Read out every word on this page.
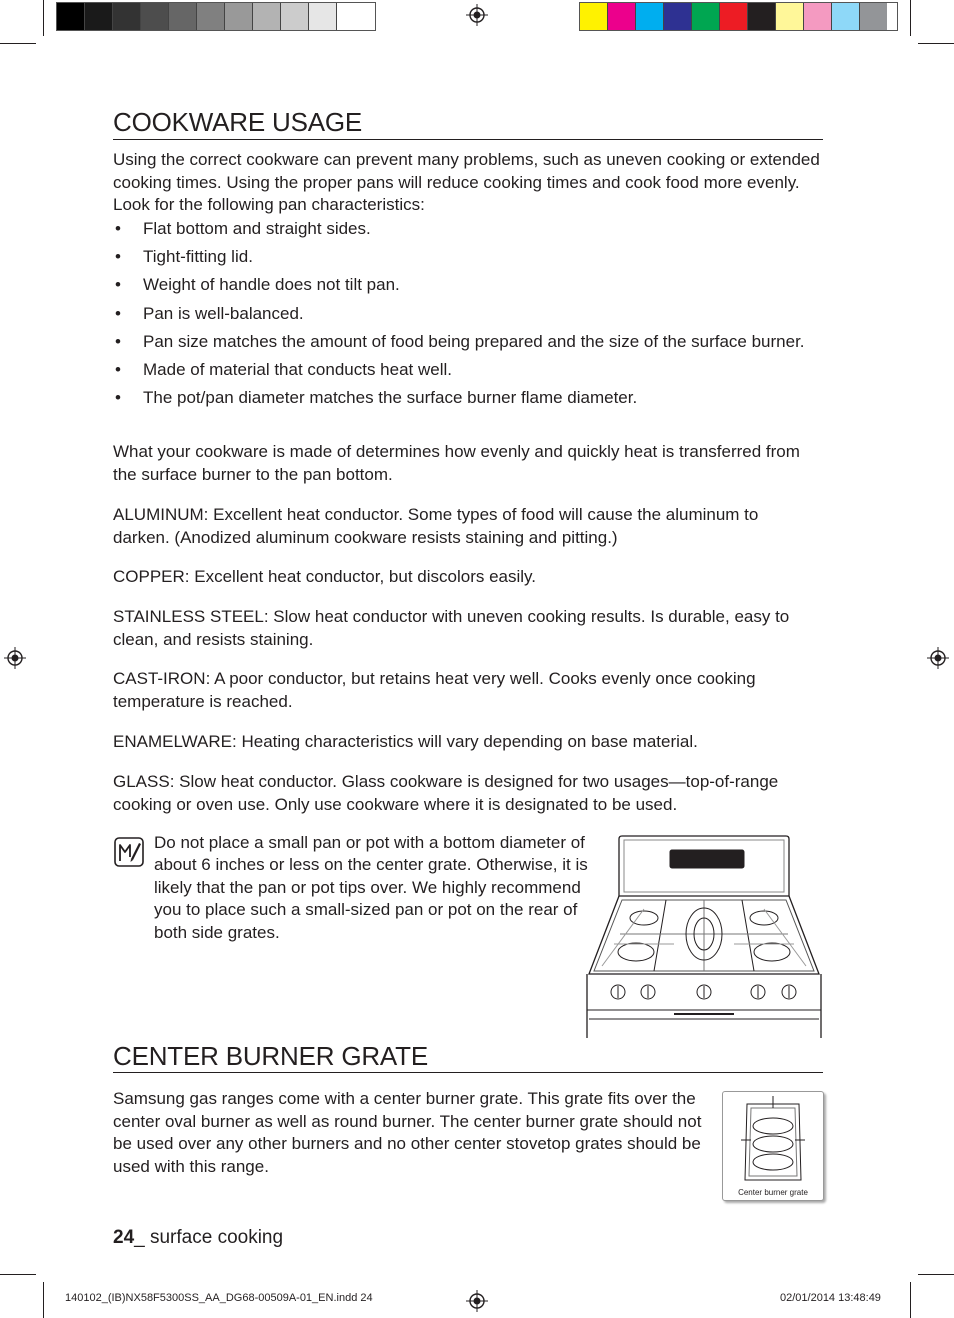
COOKWARE USAGE

Using the correct cookware can prevent many problems, such as uneven cooking or extended cooking times. Using the proper pans will reduce cooking times and cook food more evenly. Look for the following pan characteristics:

• Flat bottom and straight sides.
• Tight-fitting lid.
• Weight of handle does not tilt pan.
• Pan is well-balanced.
• Pan size matches the amount of food being prepared and the size of the surface burner.
• Made of material that conducts heat well.
• The pot/pan diameter matches the surface burner flame diameter.

What your cookware is made of determines how evenly and quickly heat is transferred from the surface burner to the pan bottom.

ALUMINUM: Excellent heat conductor. Some types of food will cause the aluminum to darken. (Anodized aluminum cookware resists staining and pitting.)

COPPER: Excellent heat conductor, but discolors easily.

STAINLESS STEEL: Slow heat conductor with uneven cooking results. Is durable, easy to clean, and resists staining.

CAST-IRON: A poor conductor, but retains heat very well. Cooks evenly once cooking temperature is reached.

ENAMELWARE: Heating characteristics will vary depending on base material.

GLASS: Slow heat conductor. Glass cookware is designed for two usages—top-of-range cooking or oven use. Only use cookware where it is designated to be used.

Do not place a small pan or pot with a bottom diameter of about 6 inches or less on the center grate. Otherwise, it is likely that the pan or pot tips over. We highly recommend you to place such a small-sized pan or pot on the rear of both side grates.

CENTER BURNER GRATE

Samsung gas ranges come with a center burner grate. This grate fits over the center oval burner as well as round burner. The center burner grate should not be used over any other burners and no other center stovetop grates should be used with this range.

Center burner grate
24_ surface cooking
140102_(IB)NX58F5300SS_AA_DG68-00509A-01_EN.indd 24	02/01/2014 13:48:49
